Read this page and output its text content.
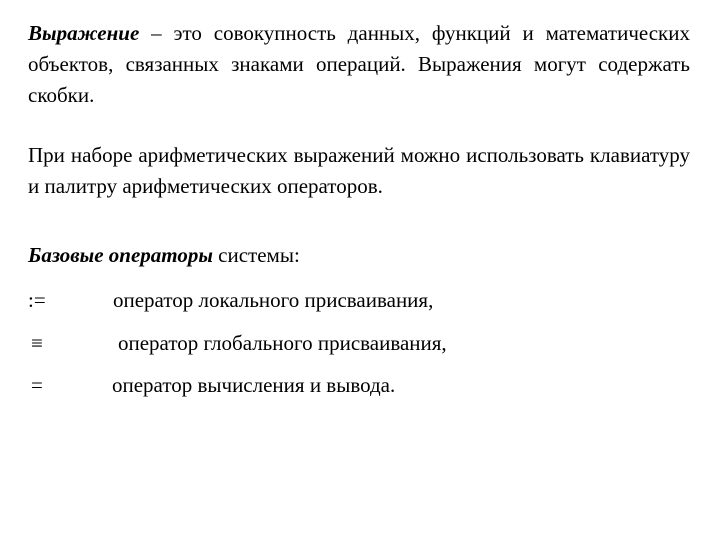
Выражение – это совокупность данных, функций и математических объектов, связанных знаками операций. Выражения могут содержать скобки.

При наборе арифметических выражений можно использовать клавиатуру и палитру арифметических операторов.

Базовые операторы системы:

:=	оператор локального присваивания,
≡	оператор глобального присваивания,
=	оператор вычисления и вывода.
